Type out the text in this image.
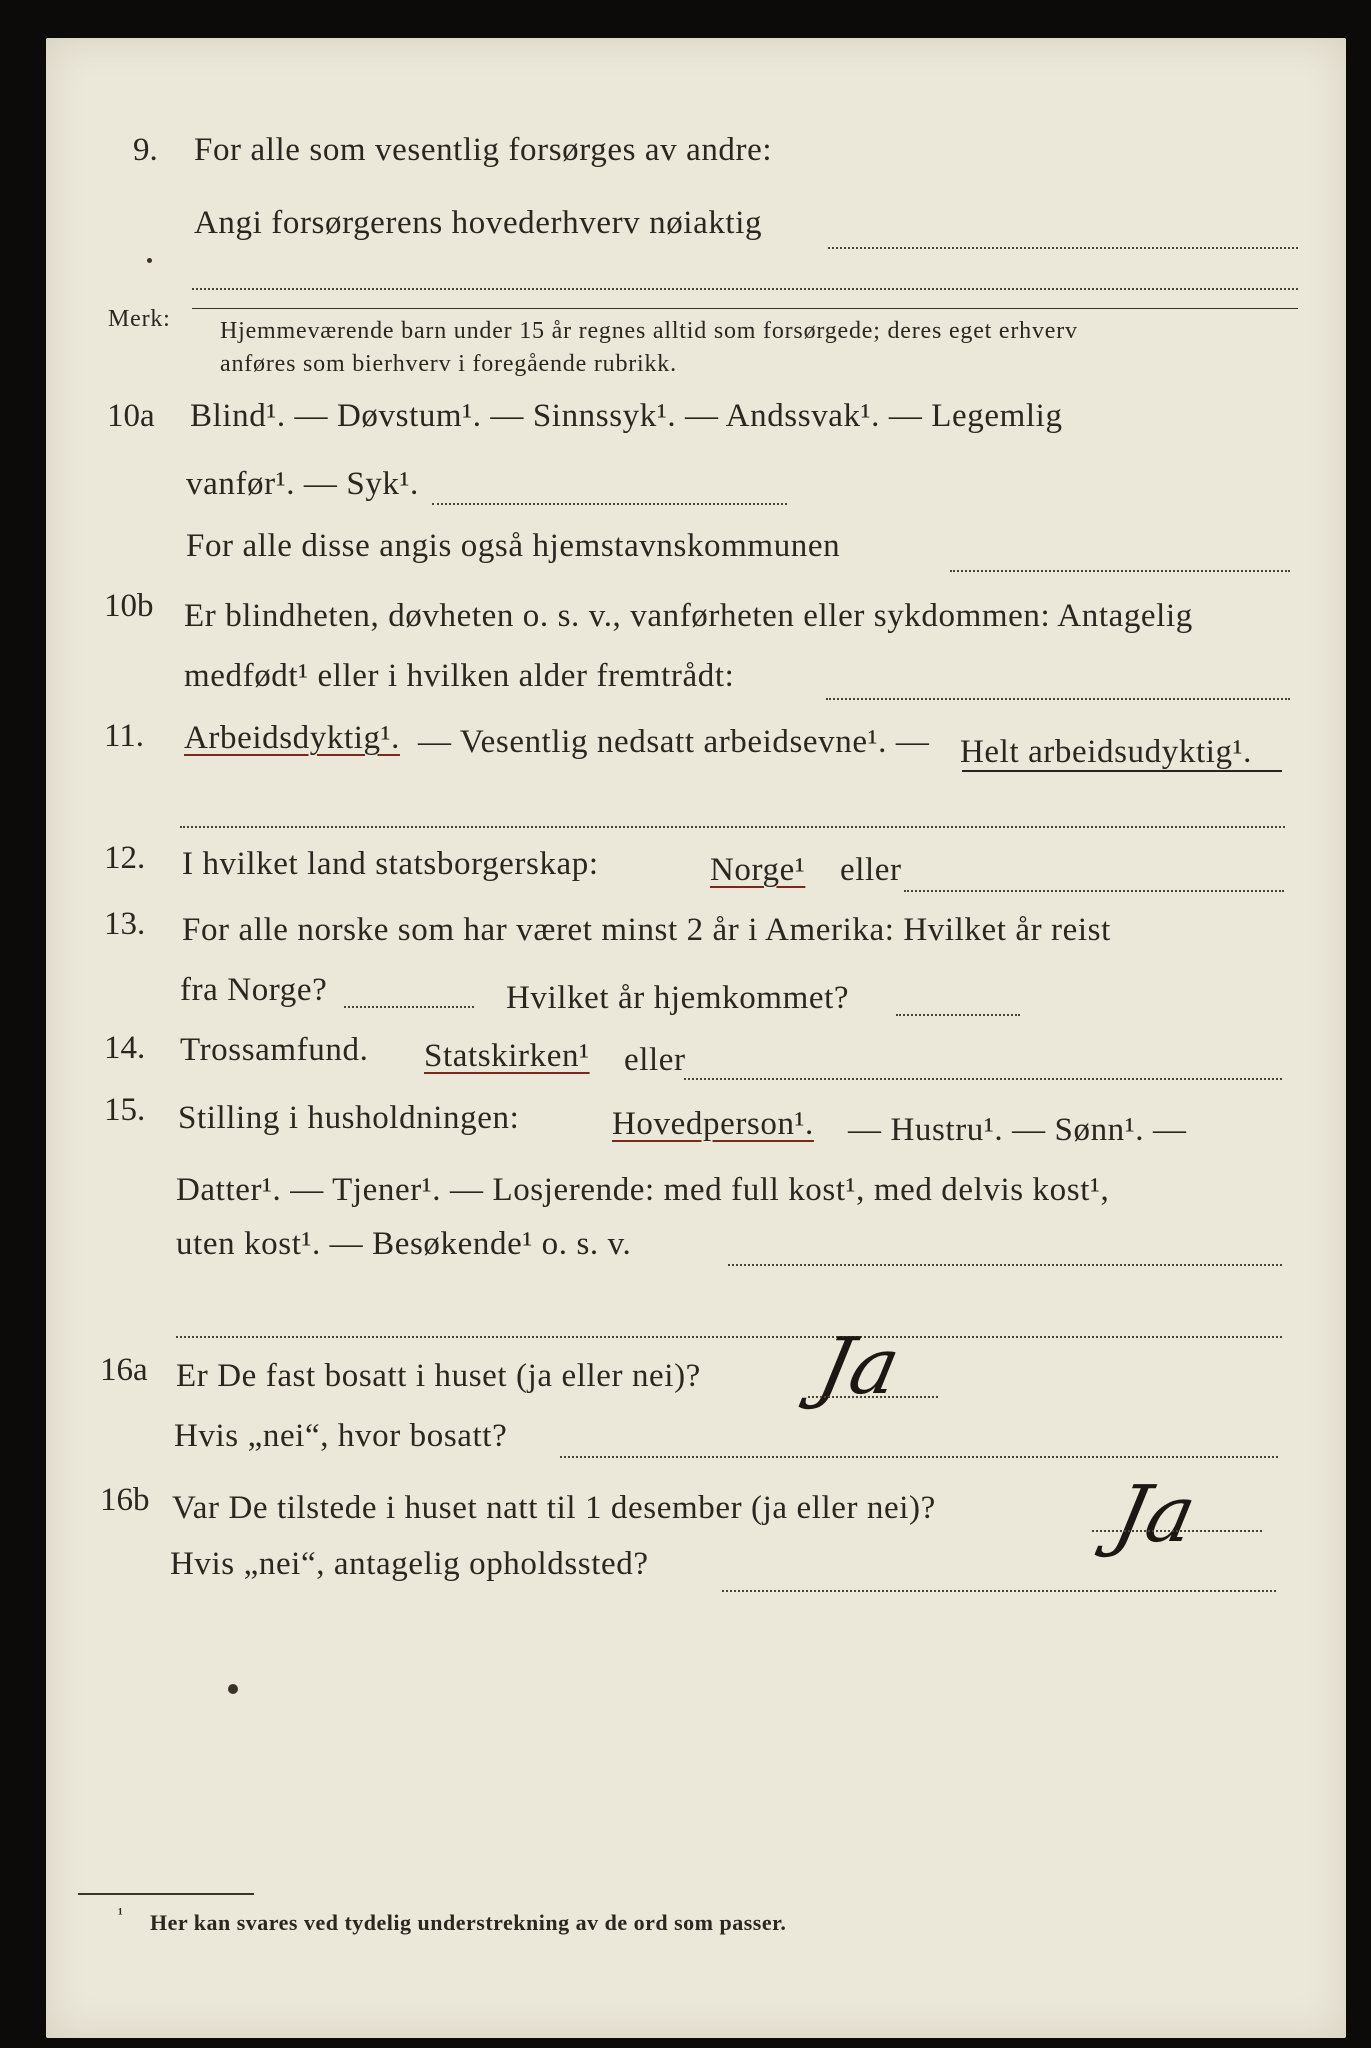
9. For alle som vesentlig forsørges av andre:
Angi forsørgerens hovederhverv nøiaktig
Merk: Hjemmeværende barn under 15 år regnes alltid som forsørgede; deres eget erhverv
anføres som bierhverv i foregående rubrikk.
10a Blind¹. — Døvstum¹. — Sinnssyk¹. — Andssvak¹. — Legemlig
vanfør¹. — Syk¹.
For alle disse angis også hjemstavnskommunen
10b Er blindheten, døvheten o. s. v., vanførheten eller sykdommen: Antagelig
medfødt¹ eller i hvilken alder fremtrådt:
11. Arbeidsdyktig¹. — Vesentlig nedsatt arbeidsevne¹. — Helt arbeidsudyktig¹.
12. I hvilket land statsborgerskap:	Norge¹ eller
13. For alle norske som har været minst 2 år i Amerika: Hvilket år reist
fra Norge?	Hvilket år hjemkommet?
14. Trossamfund. Statskirken¹ eller
15. Stilling i husholdningen:	Hovedperson¹. — Hustru¹. — Sønn¹. —
Datter¹. — Tjener¹. — Losjerende: med full kost¹, med delvis kost¹,
uten kost¹. — Besøkende¹ o. s. v.
16a Er De fast bosatt i huset (ja eller nei)? Ja
Hvis „nei“, hvor bosatt?
16b Var De tilstede i huset natt til 1 desember (ja eller nei)? Ja
Hvis „nei“, antagelig opholdssted?
¹ Her kan svares ved tydelig understrekning av de ord som passer.
